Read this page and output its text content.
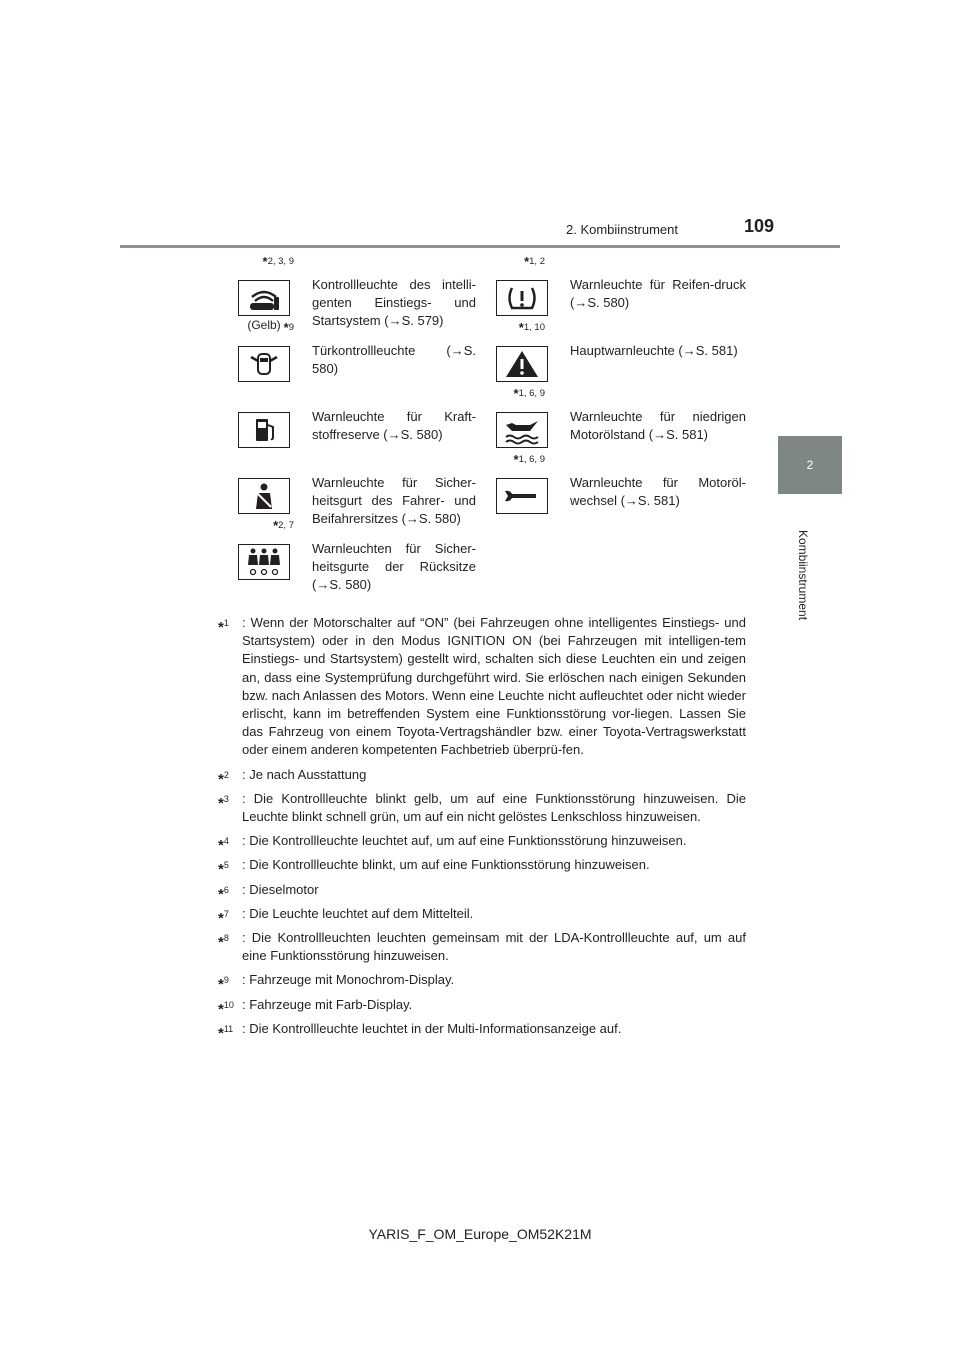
2. Kombiinstrument	109
2
Kombiinstrument
*2, 3, 9
(Gelb)
Kontrollleuchte des intelli-genten Einstiegs- und Startsystem (→S. 579)
*1, 2
Warnleuchte für Reifen-druck (→S. 580)
*9
Türkontrollleuchte (→S. 580)
*1, 10
Hauptwarnleuchte (→S. 581)
Warnleuchte für Kraft-stoffreserve (→S. 580)
*1, 6, 9
Warnleuchte für niedrigen Motorölstand (→S. 581)
Warnleuchte für Sicher-heitsgurt des Fahrer- und Beifahrersitzes (→S. 580)
*1, 6, 9
Warnleuchte für Motoröl-wechsel (→S. 581)
*2, 7
Warnleuchten für Sicher-heitsgurte der Rücksitze (→S. 580)
*$^1$ : Wenn der Motorschalter auf “ON” (bei Fahrzeugen ohne intelligentes Einstiegs- und Startsystem) oder in den Modus IGNITION ON (bei Fahrzeugen mit intelligen-tem Einstiegs- und Startsystem) gestellt wird, schalten sich diese Leuchten ein und zeigen an, dass eine Systemprüfung durchgeführt wird. Sie erlöschen nach einigen Sekunden bzw. nach Anlassen des Motors. Wenn eine Leuchte nicht aufleuchtet oder nicht wieder erlischt, kann im betreffenden System eine Funktionsstörung vor-liegen. Lassen Sie das Fahrzeug von einem Toyota-Vertragshändler bzw. einer Toyota-Vertragswerkstatt oder einem anderen kompetenten Fachbetrieb überprü-fen.
*$^2$ : Je nach Ausstattung
*$^3$ : Die Kontrollleuchte blinkt gelb, um auf eine Funktionsstörung hinzuweisen. Die Leuchte blinkt schnell grün, um auf ein nicht gelöstes Lenkschloss hinzuweisen.
*$^4$ : Die Kontrollleuchte leuchtet auf, um auf eine Funktionsstörung hinzuweisen.
*$^5$ : Die Kontrollleuchte blinkt, um auf eine Funktionsstörung hinzuweisen.
*$^6$ : Dieselmotor
*$^7$ : Die Leuchte leuchtet auf dem Mittelteil.
*$^8$ : Die Kontrollleuchten leuchten gemeinsam mit der LDA-Kontrollleuchte auf, um auf eine Funktionsstörung hinzuweisen.
*$^9$ : Fahrzeuge mit Monochrom-Display.
*$^{10}$ : Fahrzeuge mit Farb-Display.
*$^{11}$ : Die Kontrollleuchte leuchtet in der Multi-Informationsanzeige auf.
YARIS_F_OM_Europe_OM52K21M
